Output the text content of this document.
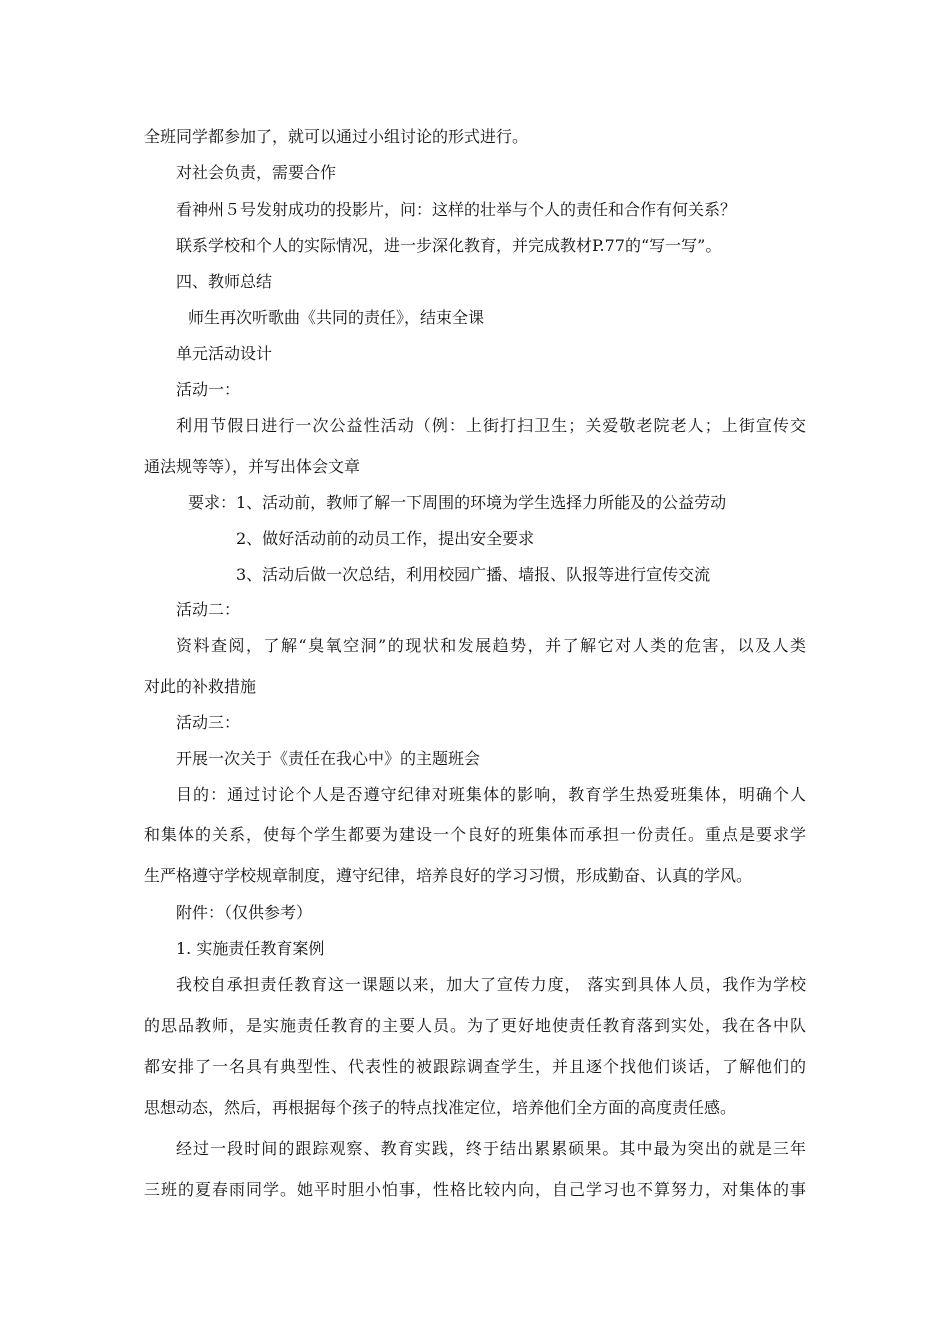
全班同学都参加了，就可以通过小组讨论的形式进行。
对社会负责，需要合作
看神州５号发射成功的投影片，问：这样的壮举与个人的责任和合作有何关系？
联系学校和个人的实际情况，进一步深化教育，并完成教材P.77的“写一写”。
四、教师总结
师生再次听歌曲《共同的责任》，结束全课
单元活动设计
活动一：
利用节假日进行一次公益性活动（例：上街打扫卫生；关爱敬老院老人；上街宣传交
通法规等等），并写出体会文章
要求：1、活动前，教师了解一下周围的环境为学生选择力所能及的公益劳动
2、做好活动前的动员工作，提出安全要求
3、活动后做一次总结，利用校园广播、墙报、队报等进行宣传交流
活动二：
资料查阅，了解“臭氧空洞”的现状和发展趋势，并了解它对人类的危害，以及人类
对此的补救措施
活动三：
开展一次关于《责任在我心中》的主题班会
目的：通过讨论个人是否遵守纪律对班集体的影响，教育学生热爱班集体，明确个人
和集体的关系，使每个学生都要为建设一个良好的班集体而承担一份责任。重点是要求学
生严格遵守学校规章制度，遵守纪律，培养良好的学习习惯，形成勤奋、认真的学风。
附件：（仅供参考）
1. 实施责任教育案例
我校自承担责任教育这一课题以来，加大了宣传力度， 落实到具体人员，我作为学校
的思品教师，是实施责任教育的主要人员。为了更好地使责任教育落到实处，我在各中队
都安排了一名具有典型性、代表性的被跟踪调查学生，并且逐个找他们谈话，了解他们的
思想动态，然后，再根据每个孩子的特点找准定位，培养他们全方面的高度责任感。
经过一段时间的跟踪观察、教育实践，终于结出累累硕果。其中最为突出的就是三年
三班的夏春雨同学。她平时胆小怕事，性格比较内向，自己学习也不算努力，对集体的事
